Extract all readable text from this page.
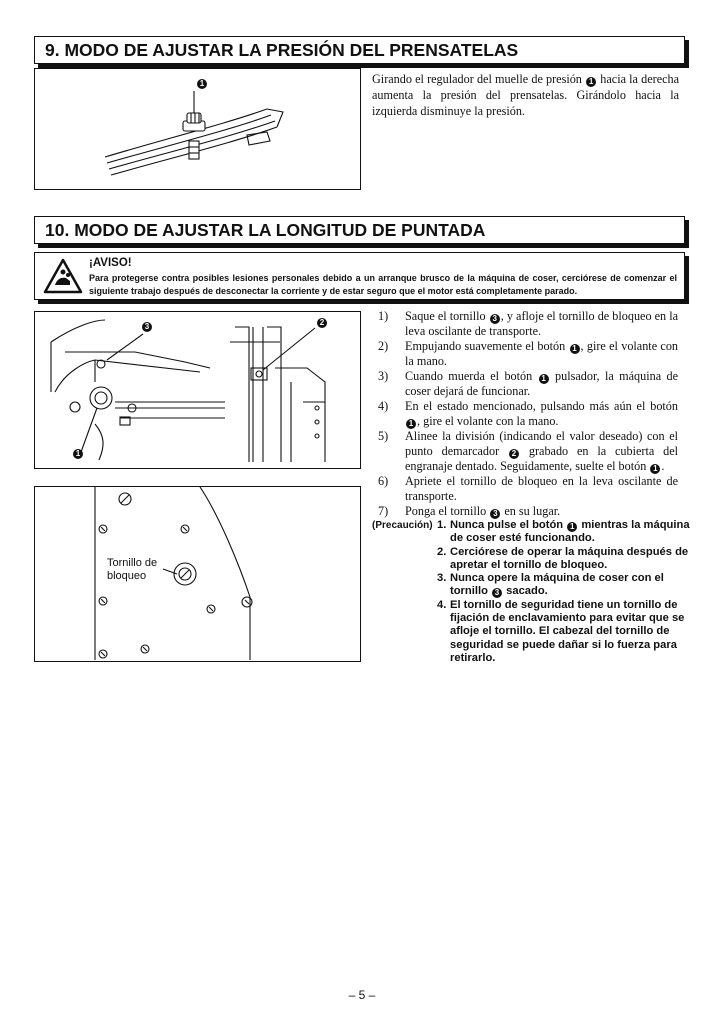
9. MODO DE AJUSTAR LA PRESIÓN DEL PRENSATELAS
1	Girando el regulador del muelle de presión 1 hacia la derecha aumenta la presión del prensatelas. Girándolo hacia la izquierda disminuye la presión.
10. MODO DE AJUSTAR LA LONGITUD DE PUNTADA
¡AVISO!
Para protegerse contra posibles lesiones personales debido a un arranque brusco de la máquina de coser, cerciórese de comenzar el siguiente trabajo después de desconectar la corriente y de estar seguro que el motor está completamente parado.
3	2
1
Tornillo de
bloqueo
1) Saque el tornillo 3 , y afloje el tornillo de bloqueo en la leva oscilante de transporte.
2) Empujando suavemente el botón 1 , gire el volante con la mano.
3) Cuando muerda el botón 1 pulsador, la máquina de coser dejará de funcionar.
4) En el estado mencionado, pulsando más aún el botón 1 , gire el volante con la mano.
5) Alinee la división (indicando el valor deseado) con el punto demarcador 2 grabado en la cubierta del engranaje dentado. Seguidamente, suelte el botón 1 .
6) Apriete el tornillo de bloqueo en la leva oscilante de transporte.
7) Ponga el tornillo 3 en su lugar.
(Precaución) 1. Nunca pulse el botón 1 mientras la máquina de coser esté funcionando.
2. Cerciórese de operar la máquina después de apretar el tornillo de bloqueo.
3. Nunca opere la máquina de coser con el tornillo 3 sacado.
4. El tornillo de seguridad tiene un tornillo de fijación de enclavamiento para evitar que se afloje el tornillo. El cabezal del tornillo de seguridad se puede dañar si lo fuerza para retirarlo.
– 5 –
